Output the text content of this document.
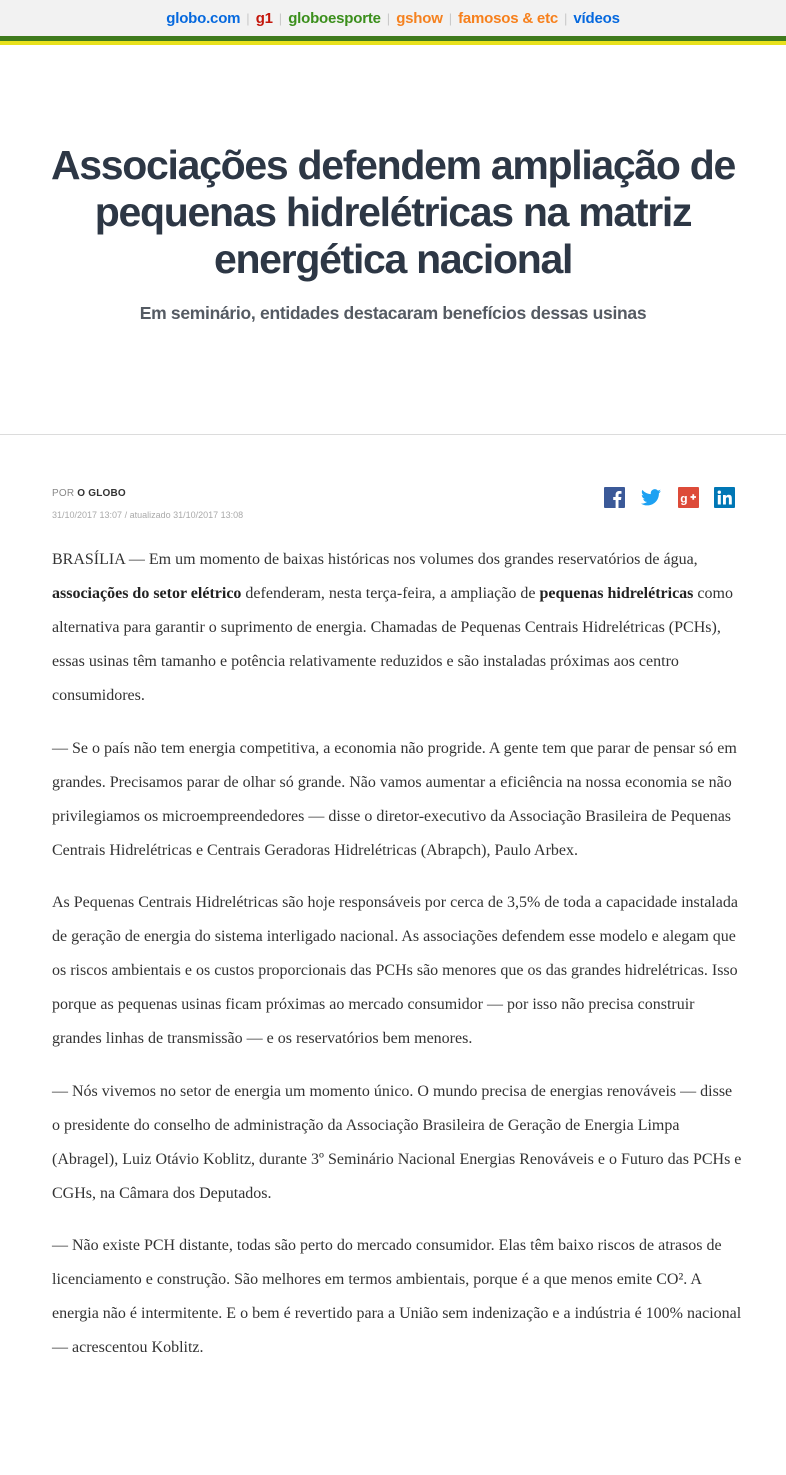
globo.com | g1 | globoesporte | gshow | famosos & etc | vídeos
Associações defendem ampliação de pequenas hidrelétricas na matriz energética nacional
Em seminário, entidades destacaram benefícios dessas usinas
POR O GLOBO
31/10/2017 13:07 / atualizado 31/10/2017 13:08
g

BRASÍLIA — Em um momento de baixas históricas nos volumes dos grandes reservatórios de água, associações do setor elétrico defenderam, nesta terça-feira, a ampliação de pequenas hidrelétricas como alternativa para garantir o suprimento de energia. Chamadas de Pequenas Centrais Hidrelétricas (PCHs), essas usinas têm tamanho e potência relativamente reduzidos e são instaladas próximas aos centro consumidores.

— Se o país não tem energia competitiva, a economia não progride. A gente tem que parar de pensar só em grandes. Precisamos parar de olhar só grande. Não vamos aumentar a eficiência na nossa economia se não privilegiamos os microempreendedores — disse o diretor-executivo da Associação Brasileira de Pequenas Centrais Hidrelétricas e Centrais Geradoras Hidrelétricas (Abrapch), Paulo Arbex.

As Pequenas Centrais Hidrelétricas são hoje responsáveis por cerca de 3,5% de toda a capacidade instalada de geração de energia do sistema interligado nacional. As associações defendem esse modelo e alegam que os riscos ambientais e os custos proporcionais das PCHs são menores que os das grandes hidrelétricas. Isso porque as pequenas usinas ficam próximas ao mercado consumidor — por isso não precisa construir grandes linhas de transmissão — e os reservatórios bem menores.

— Nós vivemos no setor de energia um momento único. O mundo precisa de energias renováveis — disse o presidente do conselho de administração da Associação Brasileira de Geração de Energia Limpa (Abragel), Luiz Otávio Koblitz, durante 3º Seminário Nacional Energias Renováveis e o Futuro das PCHs e CGHs, na Câmara dos Deputados.

— Não existe PCH distante, todas são perto do mercado consumidor. Elas têm baixo riscos de atrasos de licenciamento e construção. São melhores em termos ambientais, porque é a que menos emite CO². A energia não é intermitente. E o bem é revertido para a União sem indenização e a indústria é 100% nacional — acrescentou Koblitz.
